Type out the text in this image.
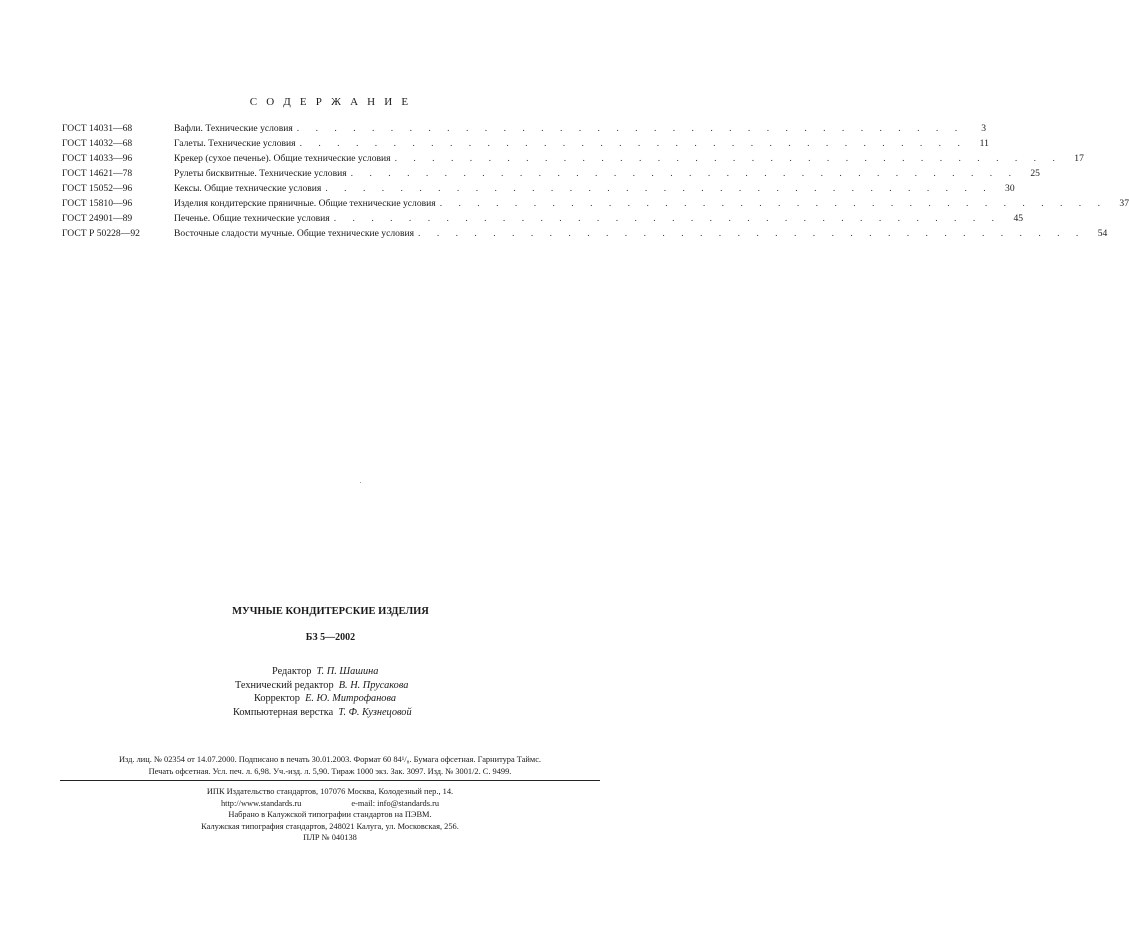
С О Д Е Р Ж А Н И Е
ГОСТ 14031—68	Вафли. Технические условия . . . . . . . . . . . . . . . . . . . . . . . . . . . . . . . . . . . .	3
ГОСТ 14032—68	Галеты. Технические условия . . . . . . . . . . . . . . . . . . . . . . . . . . . . . . . . . . . .	11
ГОСТ 14033—96	Крекер (сухое печенье). Общие технические условия . . . . . . . . . . . . . . . . . . . . . . . . . . . . . . . . . . . .	17
ГОСТ 14621—78	Рулеты бисквитные. Технические условия . . . . . . . . . . . . . . . . . . . . . . . . . . . . . . . . . . . .	25
ГОСТ 15052—96	Кексы. Общие технические условия . . . . . . . . . . . . . . . . . . . . . . . . . . . . . . . . . . . .	30
ГОСТ 15810—96	Изделия кондитерские пряничные. Общие технические условия . . . . . . . . . . . . . . . . . . . . . . . . . . . . . . . . . . . .	37
ГОСТ 24901—89	Печенье. Общие технические условия . . . . . . . . . . . . . . . . . . . . . . . . . . . . . . . . . . . .	45
ГОСТ Р 50228—92	Восточные сладости мучные. Общие технические условия . . . . . . . . . . . . . . . . . . . . . . . . . . . . . . . . . . . .	54
МУЧНЫЕ КОНДИТЕРСКИЕ ИЗДЕЛИЯ
БЗ 5—2002
Редактор Т. П. Шашина
Технический редактор В. Н. Прусакова
Корректор Е. Ю. Митрофанова
Компьютерная верстка Т. Ф. Кузнецовой
Изд. лиц. № 02354 от 14.07.2000. Подписано в печать 30.01.2003. Формат 60 84¹/₈. Бумага офсетная. Гарнитура Таймс.
Печать офсетная. Усл. печ. л. 6,98. Уч.-изд. л. 5,90. Тираж 1000 экз. Зак. 3097. Изд. № 3001/2. С. 9499.
ИПК Издательство стандартов, 107076 Москва, Колодезный пер., 14.
http://www.standards.ru	e-mail: info@standards.ru
Набрано в Калужской типографии стандартов на ПЭВМ.
Калужская типография стандартов, 248021 Калуга, ул. Московская, 256.
ПЛР № 040138
